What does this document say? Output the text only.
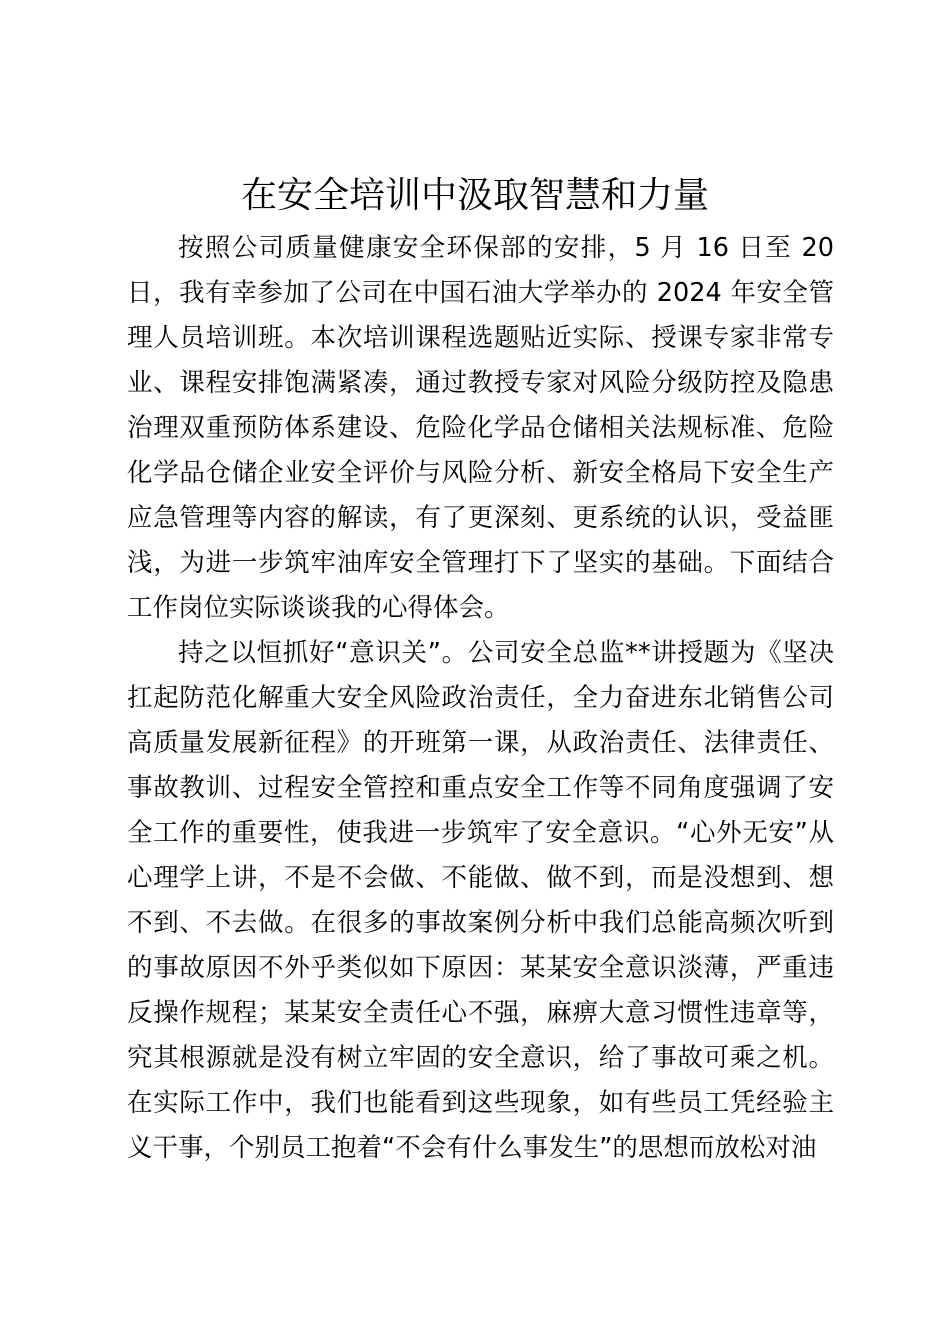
在安全培训中汲取智慧和力量

按照公司质量健康安全环保部的安排，5 月 16 日至 20 日，我有幸参加了公司在中国石油大学举办的 2024 年安全管理人员培训班。本次培训课程选题贴近实际、授课专家非常专业、课程安排饱满紧凑，通过教授专家对风险分级防控及隐患治理双重预防体系建设、危险化学品仓储相关法规标准、危险化学品仓储企业安全评价与风险分析、新安全格局下安全生产应急管理等内容的解读，有了更深刻、更系统的认识，受益匪浅，为进一步筑牢油库安全管理打下了坚实的基础。下面结合工作岗位实际谈谈我的心得体会。

持之以恒抓好“意识关”。公司安全总监**讲授题为《坚决扛起防范化解重大安全风险政治责任，全力奋进东北销售公司高质量发展新征程》的开班第一课，从政治责任、法律责任、事故教训、过程安全管控和重点安全工作等不同角度强调了安全工作的重要性，使我进一步筑牢了安全意识。“心外无安”从心理学上讲，不是不会做、不能做、做不到，而是没想到、想不到、不去做。在很多的事故案例分析中我们总能高频次听到的事故原因不外乎类似如下原因：某某安全意识淡薄，严重违反操作规程；某某安全责任心不强，麻痹大意习惯性违章等，究其根源就是没有树立牢固的安全意识，给了事故可乘之机。在实际工作中，我们也能看到这些现象，如有些员工凭经验主义干事，个别员工抱着“不会有什么事发生”的思想而放松对油
